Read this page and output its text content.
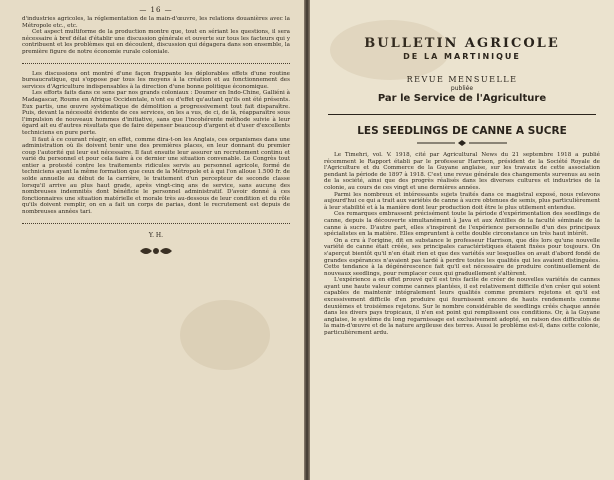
— 16 —

d'industries agricoles, la réglementation de la main-d'œuvre, les relations douanières avec la Métropole etc., etc.

Cet aspect multiforme de la production montre que, tout en sériant les questions, il sera nécessaire à bref délai d'établir une discussion générale et ouverte sur tous les facteurs qui y contribuent et les problèmes qui en découlent, discussion qui dégagera dans son ensemble, la première figure de notre économie rurale coloniale.

Les discussions ont montré d'une façon frappante les déplorables effets d'une routine bureaucratique, qui s'oppose par tous les moyens à la création et au fonctionnement des services d'Agriculture indispensables à la direction d'une bonne politique économique.

Les efforts faits dans ce sens par nos grands coloniaux : Doumer en Indo-Chine, Galliéni à Madagascar, Roume en Afrique Occidentale, n'ont eu d'effet qu'autant qu'ils ont été présents. Eux partis, une œuvre systématique de démolition a progressivement tout fait disparaître. Puis, devant la nécessité évidente de ces services, on les a vus, de ci, de là, réapparaître sous l'impulsion de nouveaux hommes d'initiative, sans que l'incohérente méthode suivie à leur égard ait eu d'autres résultats que de faire dépenser beaucoup d'argent et d'user d'excellents techniciens en pure perte.

Il faut à ce courant réagir, en effet, comme dira-t-on les Anglais, ces organismes dans une administration où ils doivent tenir une des premières places, en leur donnant du premier coup l'autorité qui leur est nécessaire. Il faut ensuite leur assurer un recrutement continu et varié du personnel et pour cela faire à ce dernier une situation convenable. Le Congrès tout entier a protesté contre les traitements ridicules servis au personnel agricole, formé de techniciens ayant la même formation que ceux de la Métropole et à qui l'on alloue 1.500 fr. de solde annuelle au début de la carrière, le traitement d'un percepteur de seconde classe lorsqu'il arrive au plus haut grade, après vingt-cinq ans de service, sans aucune des nombreuses indemnités dont bénéficie le personnel administratif. D'avoir donné à ces fonctionnaires une situation matérielle et morale très au-dessous de leur condition et du rôle qu'ils doivent remplir, on en a fait un corps de parias, dont le recrutement est depuis de nombreuses années tari.

Y. H.
BULLETIN AGRICOLE
DE LA MARTINIQUE
REVUE MENSUELLE
publiée
Par le Service de l'Agriculture
LES SEEDLINGS DE CANNE A SUCRE

Le Timehri, vol. V. 1918, cité par Agricultural News du 21 septembre 1918 a publié récemment le Rapport établi par le professeur Harrison, président de la Société Royale de l'Agriculture et du Commerce de la Guyane anglaise, sur les travaux de cette association pendant la période de 1897 à 1918. C'est une revue générale des changements survenus au sein de la société, ainsi que des progrès réalisés dans les diverses cultures et industries de la colonie, au cours de ces vingt et une dernières années.

Parmi les nombreux et intéressants sujets traités dans ce magistral exposé, nous relevons aujourd'hui ce qui a trait aux variétés de canne à sucre obtenues de semis, plus particulièrement à leur stabilité et à la manière dont leur production doit être le plus utilement entendue.

Ces remarques embrassent précisément toute la période d'expérimentation des seedlings de canne, depuis la découverte simultanément à Java et aux Antilles de la faculté séminale de la canne à sucre. D'autre part, elles s'inspirent de l'expérience personnelle d'un des principaux spécialistes en la matière. Elles empruntent à cette double circonstance un très haut intérêt.

On a cru à l'origine, dit en substance le professeur Harrison, que dès lors qu'une nouvelle variété de canne était créée, ses principales caractéristiques étaient fixées pour toujours. On s'aperçut bientôt qu'il n'en était rien et que des variétés sur lesquelles on avait d'abord fondé de grandes espérances n'avaient pas tardé à perdre toutes les qualités qui les avaient distinguées. Cette tendance à la dégénérescence fait qu'il est nécessaire de produire continuellement de nouveaux seedlings, pour remplacer ceux qui graduellement s'altèrent.

L'expérience a en effet prouvé qu'il est très facile de créer de nouvelles variétés de cannes ayant une haute valeur comme cannes plantées, il est relativement difficile d'en créer qui soient capables de maintenir intégralement leurs qualités comme premiers rejetons et qu'il est excessivement difficile d'en produire qui fournissent encore de hauts rendements comme deuxièmes et troisièmes rejetons. Sur le nombre considérable de seedlings créés chaque année dans les divers pays tropicaux, il n'en est point qui remplissent ces conditions. Or, à la Guyane anglaise, le système du long regarnissage est exclusivement adopté, en raison des difficultés de la main-d'œuvre et de la nature argileuse des terres. Aussi le problème est-il, dans cette colonie, particulièrement ardu.
